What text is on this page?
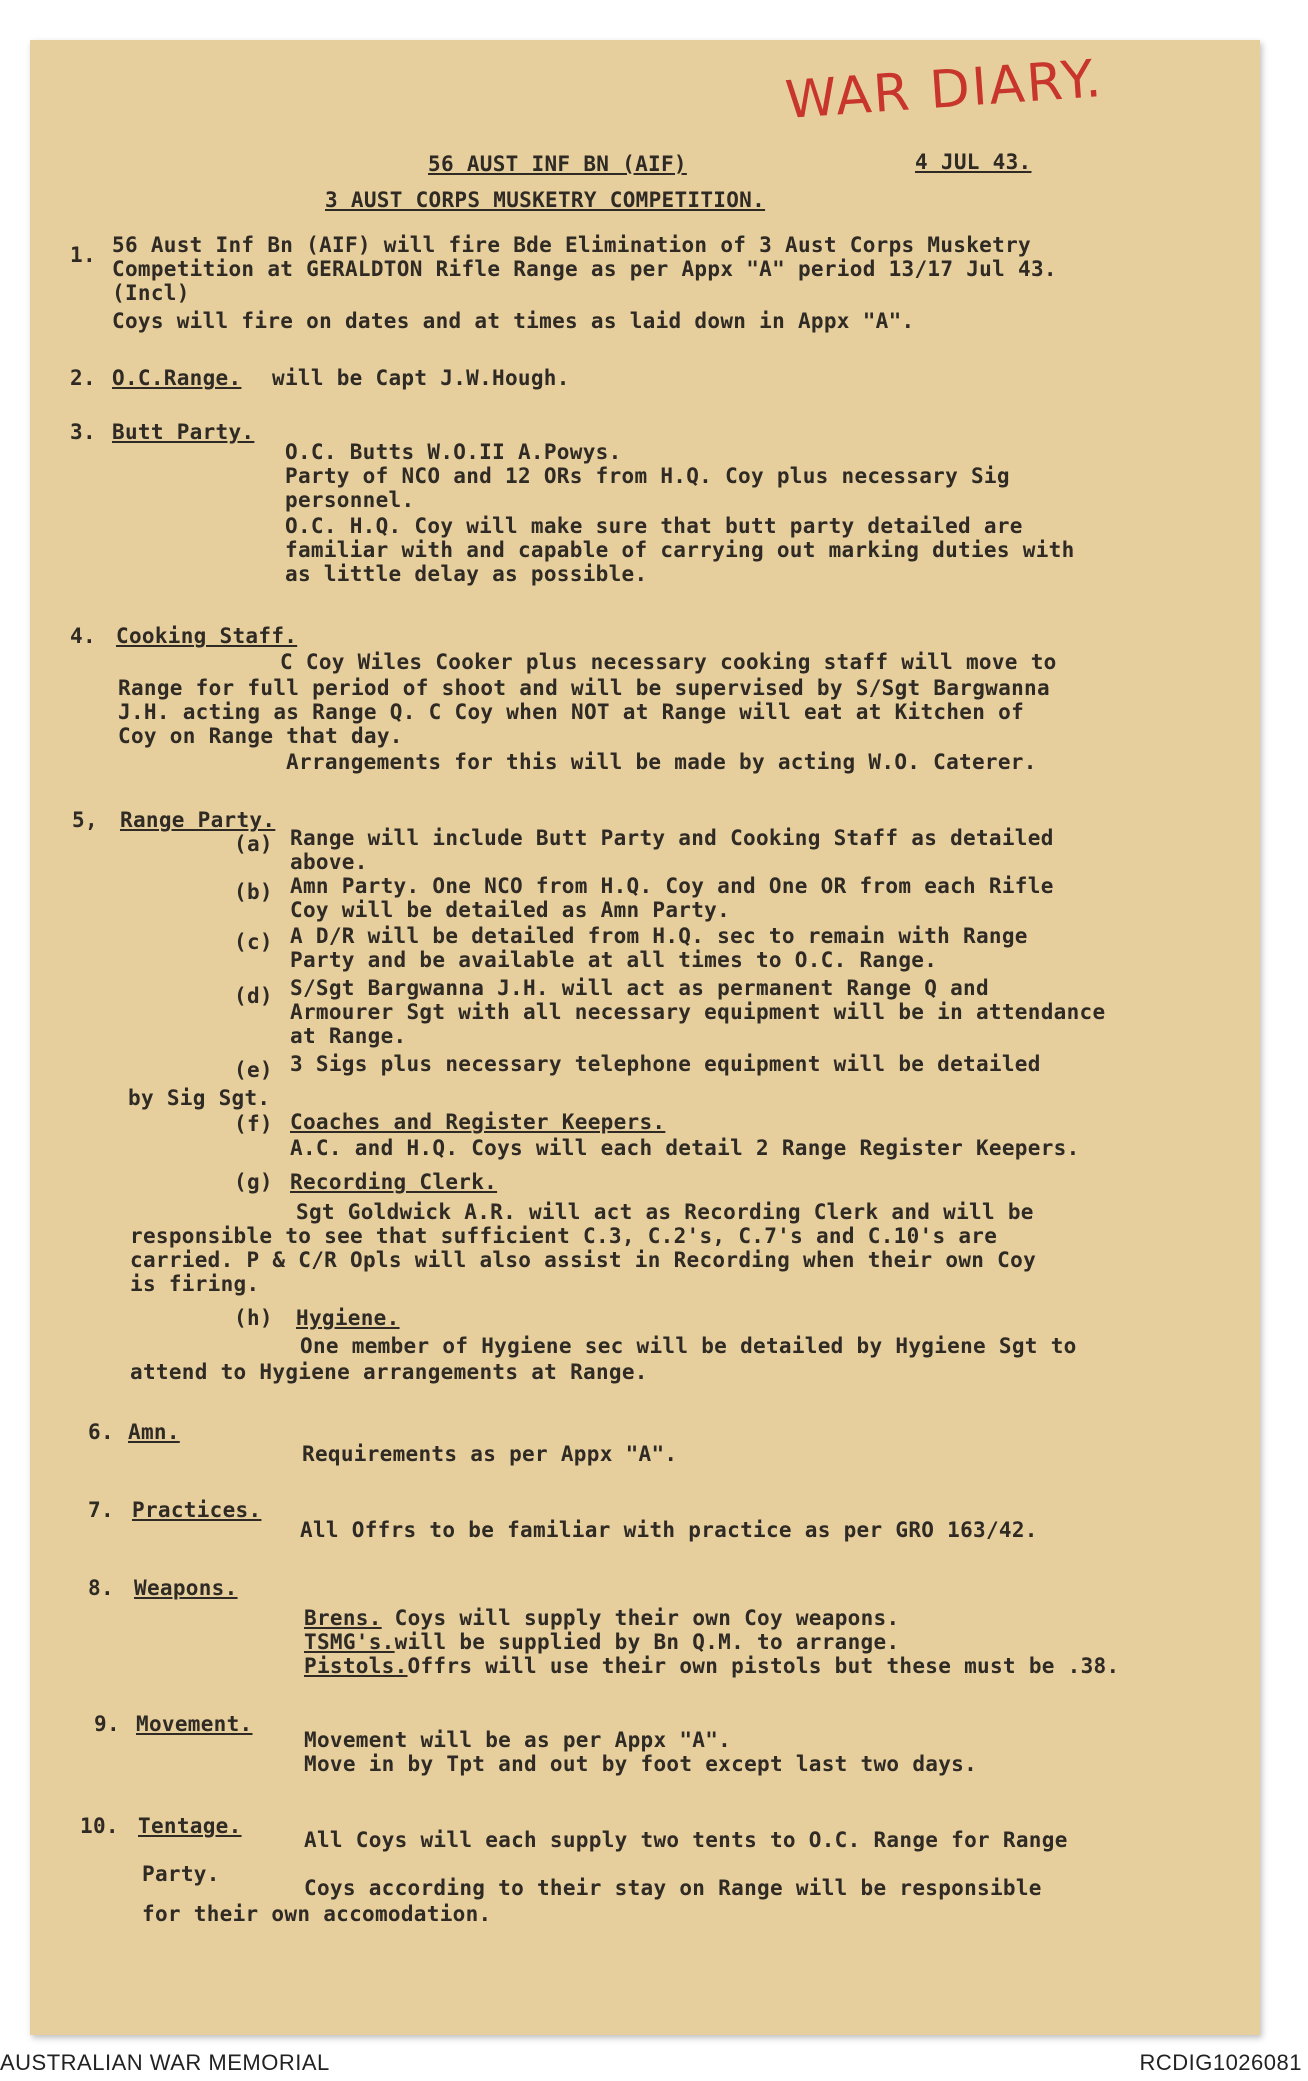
WAR DIARY.
56 AUST INF BN (AIF)	4 JUL 43.
3 AUST CORPS MUSKETRY COMPETITION.
1. 56 Aust Inf Bn (AIF) will fire Bde Elimination of 3 Aust Corps Musketry
Competition at GERALDTON Rifle Range as per Appx "A" period 13/17 Jul 43.
(Incl)
Coys will fire on dates and at times as laid down in Appx "A".
2. O.C.Range. will be Capt J.W.Hough.
3. Butt Party.
O.C. Butts W.O.II A.Powys.
Party of NCO and 12 ORs from H.Q. Coy plus necessary Sig
personnel.
O.C. H.Q. Coy will make sure that butt party detailed are
familiar with and capable of carrying out marking duties with
as little delay as possible.
4. Cooking Staff.
C Coy Wiles Cooker plus necessary cooking staff will move to
Range for full period of shoot and will be supervised by S/Sgt Bargwanna
J.H. acting as Range Q. C Coy when NOT at Range will eat at Kitchen of
Coy on Range that day.
Arrangements for this will be made by acting W.O. Caterer.
5, Range Party.
(a) Range will include Butt Party and Cooking Staff as detailed
above.
(b) Amn Party. One NCO from H.Q. Coy and One OR from each Rifle
Coy will be detailed as Amn Party.
(c) A D/R will be detailed from H.Q. sec to remain with Range
Party and be available at all times to O.C. Range.
(d) S/Sgt Bargwanna J.H. will act as permanent Range Q and
Armourer Sgt with all necessary equipment will be in attendance
at Range.
(e) 3 Sigs plus necessary telephone equipment will be detailed
by Sig Sgt.
(f) Coaches and Register Keepers.
A.C. and H.Q. Coys will each detail 2 Range Register Keepers.
(g) Recording Clerk.
Sgt Goldwick A.R. will act as Recording Clerk and will be
responsible to see that sufficient C.3, C.2's, C.7's and C.10's are
carried. P & C/R Opls will also assist in Recording when their own Coy
is firing.
(h) Hygiene.
One member of Hygiene sec will be detailed by Hygiene Sgt to
attend to Hygiene arrangements at Range.
6. Amn.
Requirements as per Appx "A".
7. Practices.
All Offrs to be familiar with practice as per GRO 163/42.
8. Weapons.
Brens. Coys will supply their own Coy weapons.
TSMG's.will be supplied by Bn Q.M. to arrange.
Pistols.Offrs will use their own pistols but these must be .38.
9. Movement.
Movement will be as per Appx "A".
Move in by Tpt and out by foot except last two days.
10. Tentage.
All Coys will each supply two tents to O.C. Range for Range
Party.
Coys according to their stay on Range will be responsible
for their own accomodation.
AUSTRALIAN WAR MEMORIAL	RCDIG1026081
